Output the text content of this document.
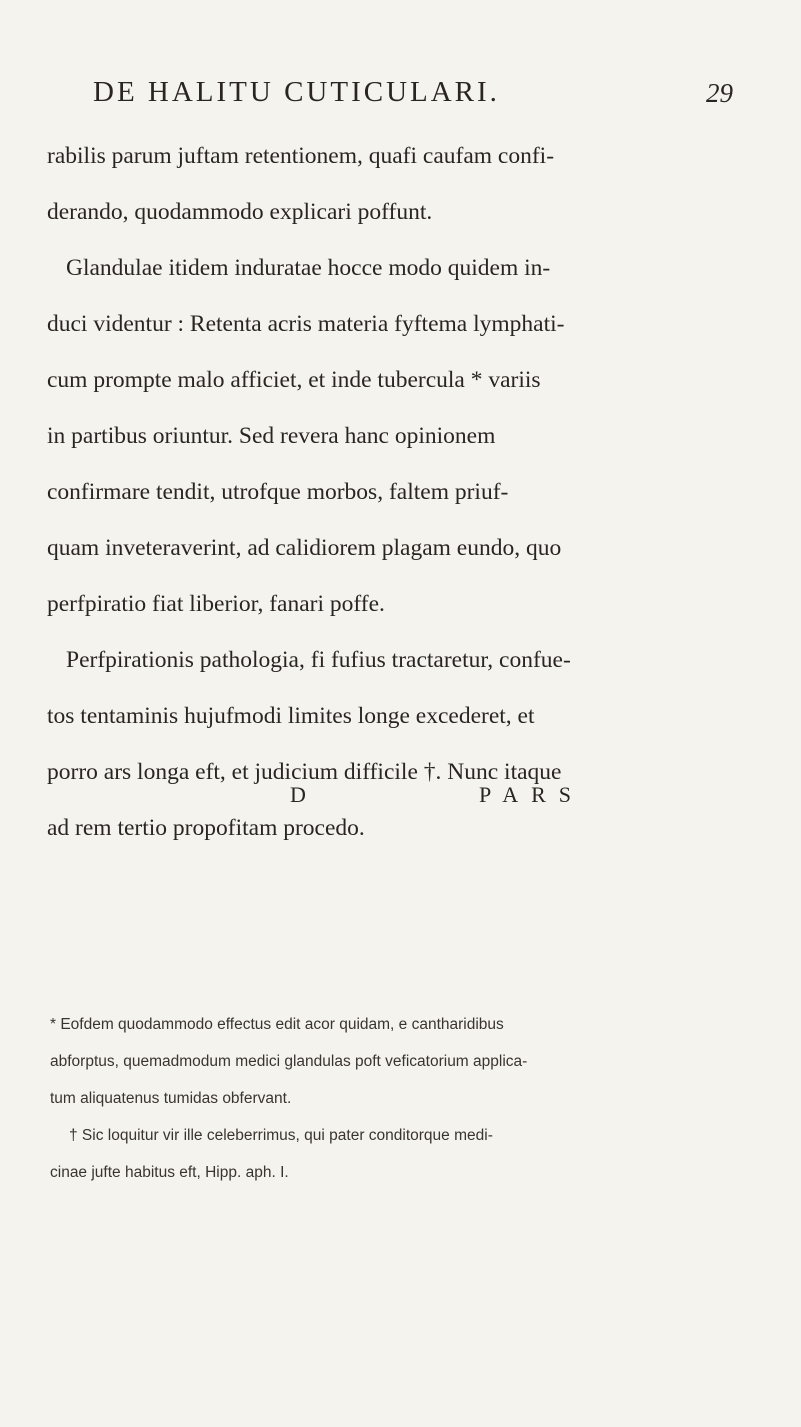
DE HALITU CUTICULARI.	29
rabilis parum juftam retentionem, quafi caufam confi-
derando, quodammodo explicari poffunt.
Glandulae itidem induratae hocce modo quidem in-
duci videntur : Retenta acris materia fyftema lymphati-
cum prompte malo afficiet, et inde tubercula * variis
in partibus oriuntur. Sed revera hanc opinionem
confirmare tendit, utrofque morbos, faltem priuf-
quam inveteraverint, ad calidiorem plagam eundo, quo
perfpiratio fiat liberior, fanari poffe.
Perfpirationis pathologia, fi fufius tractaretur, confue-
tos tentaminis hujufmodi limites longe excederet, et
porro ars longa eft, et judicium difficile †. Nunc itaque
ad rem tertio propofitam procedo.
D	PARS
* Eofdem quodammodo effectus edit acor quidam, e cantharidibus
abforptus, quemadmodum medici glandulas poft veficatorium applica-
tum aliquatenus tumidas obfervant.
† Sic loquitur vir ille celeberrimus, qui pater conditorque medi-
cinae jufte habitus eft, Hipp. aph. I.
